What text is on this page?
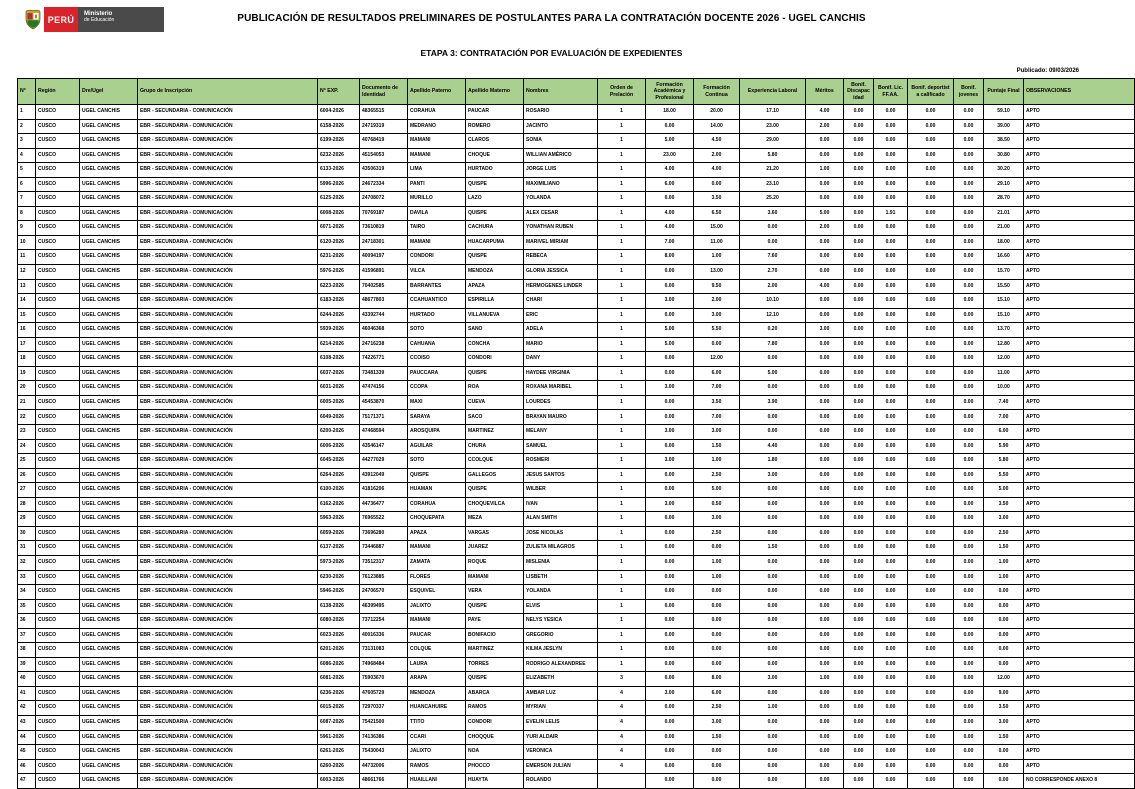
PERÚ
Ministerio
de Educación	PUBLICACIÓN DE RESULTADOS PRELIMINARES DE POSTULANTES PARA LA CONTRATACIÓN DOCENTE 2026 - UGEL CANCHIS
ETAPA 3: CONTRATACIÓN POR EVALUACIÓN DE EXPEDIENTES
Publicado: 09/03/2026
N°	Región	Dre/Ugel	Grupo de Inscripción	N° EXP.	Documento de Identidad	Apellido Paterno	Apellido Materno	Nombres	Orden de Prelación	Formación Académica y Profesional	Formación Continua	Experiencia Laboral	Méritos	Bonif. Discapac idad	Bonif. Lic. FF.AA.	Bonif. deportist a calificado	Bonif. jovenes	Puntaje Final	OBSERVACIONES
1	CUSCO	UGEL CANCHIS	EBR - SECUNDARIA - COMUNICACIÓN	6004-2026	48365515	CORAHUA	PAUCAR	ROSARIO	1	18.00	20.00	17.10	4.00	0.00	0.00	0.00	0.00	59.10	APTO
2	CUSCO	UGEL CANCHIS	EBR - SECUNDARIA - COMUNICACIÓN	6158-2026	24719319	MEDRANO	ROMERO	JACINTO	1	0.00	14.00	23.00	2.00	0.00	0.00	0.00	0.00	39.00	APTO
3	CUSCO	UGEL CANCHIS	EBR - SECUNDARIA - COMUNICACIÓN	6199-2026	40768419	MAMANI	CLAROS	SONIA	1	5.00	4.50	29.00	0.00	0.00	0.00	0.00	0.00	38.50	APTO
4	CUSCO	UGEL CANCHIS	EBR - SECUNDARIA - COMUNICACIÓN	6232-2026	45154053	MAMANI	CHOQUE	WILLIAN AMÉRICO	1	23.00	2.00	5.80	0.00	0.00	0.00	0.00	0.00	30.80	APTO
5	CUSCO	UGEL CANCHIS	EBR - SECUNDARIA - COMUNICACIÓN	6133-2026	43506319	LIMA	HURTADO	JORGE LUIS	1	4.00	4.00	21.20	1.00	0.00	0.00	0.00	0.00	30.20	APTO
6	CUSCO	UGEL CANCHIS	EBR - SECUNDARIA - COMUNICACIÓN	5996-2026	24672334	PANTI	QUISPE	MAXIMILIANO	1	6.00	0.00	23.10	0.00	0.00	0.00	0.00	0.00	29.10	APTO
7	CUSCO	UGEL CANCHIS	EBR - SECUNDARIA - COMUNICACIÓN	6125-2026	24708072	MURILLO	LAZO	YOLANDA	1	0.00	3.50	25.20	0.00	0.00	0.00	0.00	0.00	28.70	APTO
8	CUSCO	UGEL CANCHIS	EBR - SECUNDARIA - COMUNICACIÓN	6008-2026	70769187	DAVILA	QUISPE	ALEX CESAR	1	4.00	6.50	3.60	5.00	0.00	1.91	0.00	0.00	21.01	APTO
9	CUSCO	UGEL CANCHIS	EBR - SECUNDARIA - COMUNICACIÓN	6071-2026	73610819	TAIRO	CACHURA	YONATHAN RUBEN	1	4.00	15.00	0.00	2.00	0.00	0.00	0.00	0.00	21.00	APTO
10	CUSCO	UGEL CANCHIS	EBR - SECUNDARIA - COMUNICACIÓN	6120-2026	24718301	MAMANI	HUACARPUMA	MARIVEL MIRIAM	1	7.00	11.00	0.00	0.00	0.00	0.00	0.00	0.00	18.00	APTO
11	CUSCO	UGEL CANCHIS	EBR - SECUNDARIA - COMUNICACIÓN	6231-2026	40094197	CONDORI	QUISPE	REBECA	1	8.00	1.00	7.60	0.00	0.00	0.00	0.00	0.00	16.60	APTO
12	CUSCO	UGEL CANCHIS	EBR - SECUNDARIA - COMUNICACIÓN	5976-2026	41596891	VILCA	MENDOZA	GLORIA JESSICA	1	0.00	13.00	2.70	0.00	0.00	0.00	0.00	0.00	15.70	APTO
13	CUSCO	UGEL CANCHIS	EBR - SECUNDARIA - COMUNICACIÓN	6223-2026	70402585	BARRANTES	APAZA	HERMOGENES LINDER	1	0.00	9.50	2.00	4.00	0.00	0.00	0.00	0.00	15.50	APTO
14	CUSCO	UGEL CANCHIS	EBR - SECUNDARIA - COMUNICACIÓN	6183-2026	48677803	CCAHUANTICO	ESPIRILLA	CHARI	1	3.00	2.00	10.10	0.00	0.00	0.00	0.00	0.00	15.10	APTO
15	CUSCO	UGEL CANCHIS	EBR - SECUNDARIA - COMUNICACIÓN	6244-2026	43392744	HURTADO	VILLANUEVA	ERIC	1	0.00	3.00	12.10	0.00	0.00	0.00	0.00	0.00	15.10	APTO
16	CUSCO	UGEL CANCHIS	EBR - SECUNDARIA - COMUNICACIÓN	5939-2026	46046368	SOTO	SANO	ADELA	1	5.00	5.50	0.20	3.00	0.00	0.00	0.00	0.00	13.70	APTO
17	CUSCO	UGEL CANCHIS	EBR - SECUNDARIA - COMUNICACIÓN	6214-2026	24716238	CAHUANA	CONCHA	MARIO	1	5.00	0.00	7.80	0.00	0.00	0.00	0.00	0.00	12.80	APTO
18	CUSCO	UGEL CANCHIS	EBR - SECUNDARIA - COMUNICACIÓN	6108-2026	74226771	CCOISO	CONDORI	DANY	1	0.00	12.00	0.00	0.00	0.00	0.00	0.00	0.00	12.00	APTO
19	CUSCO	UGEL CANCHIS	EBR - SECUNDARIA - COMUNICACIÓN	6037-2026	73481339	PAUCCARA	QUISPE	HAYDEE VIRGINIA	1	0.00	6.00	5.00	0.00	0.00	0.00	0.00	0.00	11.00	APTO
20	CUSCO	UGEL CANCHIS	EBR - SECUNDARIA - COMUNICACIÓN	6031-2026	47474156	CCOPA	ROA	ROXANA MARIBEL	1	3.00	7.00	0.00	0.00	0.00	0.00	0.00	0.00	10.00	APTO
21	CUSCO	UGEL CANCHIS	EBR - SECUNDARIA - COMUNICACIÓN	6005-2026	45453870	MAXI	CUEVA	LOURDES	1	0.00	3.50	3.90	0.00	0.00	0.00	0.00	0.00	7.40	APTO
22	CUSCO	UGEL CANCHIS	EBR - SECUNDARIA - COMUNICACIÓN	6049-2026	75171371	SARAYA	SACO	BRAYAN MAURO	1	0.00	7.00	0.00	0.00	0.00	0.00	0.00	0.00	7.00	APTO
23	CUSCO	UGEL CANCHIS	EBR - SECUNDARIA - COMUNICACIÓN	6200-2026	47468594	AROSQUIPA	MARTINEZ	MELANY	1	3.00	3.00	0.00	0.00	0.00	0.00	0.00	0.00	6.00	APTO
24	CUSCO	UGEL CANCHIS	EBR - SECUNDARIA - COMUNICACIÓN	6006-2026	43546147	AGUILAR	CHURA	SAMUEL	1	0.00	1.50	4.40	0.00	0.00	0.00	0.00	0.00	5.90	APTO
25	CUSCO	UGEL CANCHIS	EBR - SECUNDARIA - COMUNICACIÓN	6045-2026	44277029	SOTO	CCOLQUE	ROSMERI	1	3.00	1.00	1.80	0.00	0.00	0.00	0.00	0.00	5.80	APTO
26	CUSCO	UGEL CANCHIS	EBR - SECUNDARIA - COMUNICACIÓN	6264-2026	43912049	QUISPE	GALLEGOS	JESUS SANTOS	1	0.00	2.50	3.00	0.00	0.00	0.00	0.00	0.00	5.50	APTO
27	CUSCO	UGEL CANCHIS	EBR - SECUNDARIA - COMUNICACIÓN	6100-2026	41816206	HUAMAN	QUISPE	WILBER	1	0.00	5.00	0.00	0.00	0.00	0.00	0.00	0.00	5.00	APTO
28	CUSCO	UGEL CANCHIS	EBR - SECUNDARIA - COMUNICACIÓN	6162-2026	44736477	CORAHUA	CHOQUEVILCA	IVAN	1	3.00	0.50	0.00	0.00	0.00	0.00	0.00	0.00	3.50	APTO
29	CUSCO	UGEL CANCHIS	EBR - SECUNDARIA - COMUNICACIÓN	5963-2026	76965522	CHOQUEPATA	MEZA	ALAN SMITH	1	0.00	3.00	0.00	0.00	0.00	0.00	0.00	0.00	3.00	APTO
30	CUSCO	UGEL CANCHIS	EBR - SECUNDARIA - COMUNICACIÓN	6059-2026	73696280	APAZA	VARGAS	JOSE NICOLAS	1	0.00	2.50	0.00	0.00	0.00	0.00	0.00	0.00	2.50	APTO
31	CUSCO	UGEL CANCHIS	EBR - SECUNDARIA - COMUNICACIÓN	6137-2026	73446887	MAMANI	JUAREZ	ZULIETA MILAGROS	1	0.00	0.00	1.50	0.00	0.00	0.00	0.00	0.00	1.50	APTO
32	CUSCO	UGEL CANCHIS	EBR - SECUNDARIA - COMUNICACIÓN	5973-2026	73512317	ZAMATA	ROQUE	MISLENIA	1	0.00	1.00	0.00	0.00	0.00	0.00	0.00	0.00	1.00	APTO
33	CUSCO	UGEL CANCHIS	EBR - SECUNDARIA - COMUNICACIÓN	6230-2026	76123885	FLORES	MAMANI	LISBETH	1	0.00	1.00	0.00	0.00	0.00	0.00	0.00	0.00	1.00	APTO
34	CUSCO	UGEL CANCHIS	EBR - SECUNDARIA - COMUNICACIÓN	5946-2026	24706570	ESQUIVEL	VERA	YOLANDA	1	0.00	0.00	0.00	0.00	0.00	0.00	0.00	0.00	0.00	APTO
35	CUSCO	UGEL CANCHIS	EBR - SECUNDARIA - COMUNICACIÓN	6138-2026	46399495	JALIXTO	QUISPE	ELVIS	1	0.00	0.00	0.00	0.00	0.00	0.00	0.00	0.00	0.00	APTO
36	CUSCO	UGEL CANCHIS	EBR - SECUNDARIA - COMUNICACIÓN	6080-2026	73712254	MAMANI	PAYE	NELYS YESICA	1	0.00	0.00	0.00	0.00	0.00	0.00	0.00	0.00	0.00	APTO
37	CUSCO	UGEL CANCHIS	EBR - SECUNDARIA - COMUNICACIÓN	6023-2026	40016336	PAUCAR	BONIFACIO	GREGORIO	1	0.00	0.00	0.00	0.00	0.00	0.00	0.00	0.00	0.00	APTO
38	CUSCO	UGEL CANCHIS	EBR - SECUNDARIA - COMUNICACIÓN	6201-2026	73131083	COLQUE	MARTINEZ	KILMA JESLYN	1	0.00	0.00	0.00	0.00	0.00	0.00	0.00	0.00	0.00	APTO
39	CUSCO	UGEL CANCHIS	EBR - SECUNDARIA - COMUNICACIÓN	6086-2026	74968484	LAURA	TORRES	RODRIGO ALEXANDREE	1	0.00	0.00	0.00	0.00	0.00	0.00	0.00	0.00	0.00	APTO
40	CUSCO	UGEL CANCHIS	EBR - SECUNDARIA - COMUNICACIÓN	6081-2026	75903670	ARAPA	QUISPE	ELIZABETH	3	0.00	8.00	3.00	1.00	0.00	0.00	0.00	0.00	12.00	APTO
41	CUSCO	UGEL CANCHIS	EBR - SECUNDARIA - COMUNICACIÓN	6236-2026	47605729	MENDOZA	ABARCA	AMBAR LUZ	4	3.00	6.00	0.00	0.00	0.00	0.00	0.00	0.00	9.00	APTO
42	CUSCO	UGEL CANCHIS	EBR - SECUNDARIA - COMUNICACIÓN	6015-2026	72970337	HUANCAHUIRE	RAMOS	MYRIAN	4	0.00	2.50	1.00	0.00	0.00	0.00	0.00	0.00	3.50	APTO
43	CUSCO	UGEL CANCHIS	EBR - SECUNDARIA - COMUNICACIÓN	6087-2026	75421500	TTITO	CONDORI	EVELIN LELIS	4	0.00	3.00	0.00	0.00	0.00	0.00	0.00	0.00	3.00	APTO
44	CUSCO	UGEL CANCHIS	EBR - SECUNDARIA - COMUNICACIÓN	5961-2026	74136386	CCARI	CHOQQUE	YURI ALDAIR	4	0.00	1.50	0.00	0.00	0.00	0.00	0.00	0.00	1.50	APTO
45	CUSCO	UGEL CANCHIS	EBR - SECUNDARIA - COMUNICACIÓN	6261-2026	75430043	JALIXTO	NOA	VERONICA	4	0.00	0.00	0.00	0.00	0.00	0.00	0.00	0.00	0.00	APTO
46	CUSCO	UGEL CANCHIS	EBR - SECUNDARIA - COMUNICACIÓN	6260-2026	44732006	RAMOS	PHOCCO	EMERSON JULIAN	4	0.00	0.00	0.00	0.00	0.00	0.00	0.00	0.00	0.00	APTO
47	CUSCO	UGEL CANCHIS	EBR - SECUNDARIA - COMUNICACIÓN	6003-2026	48661766	HUAILLANI	HUAYTA	ROLANDO		0.00	0.00	0.00	0.00	0.00	0.00	0.00	0.00	0.00	NO CORRESPONDE ANEXO 8
